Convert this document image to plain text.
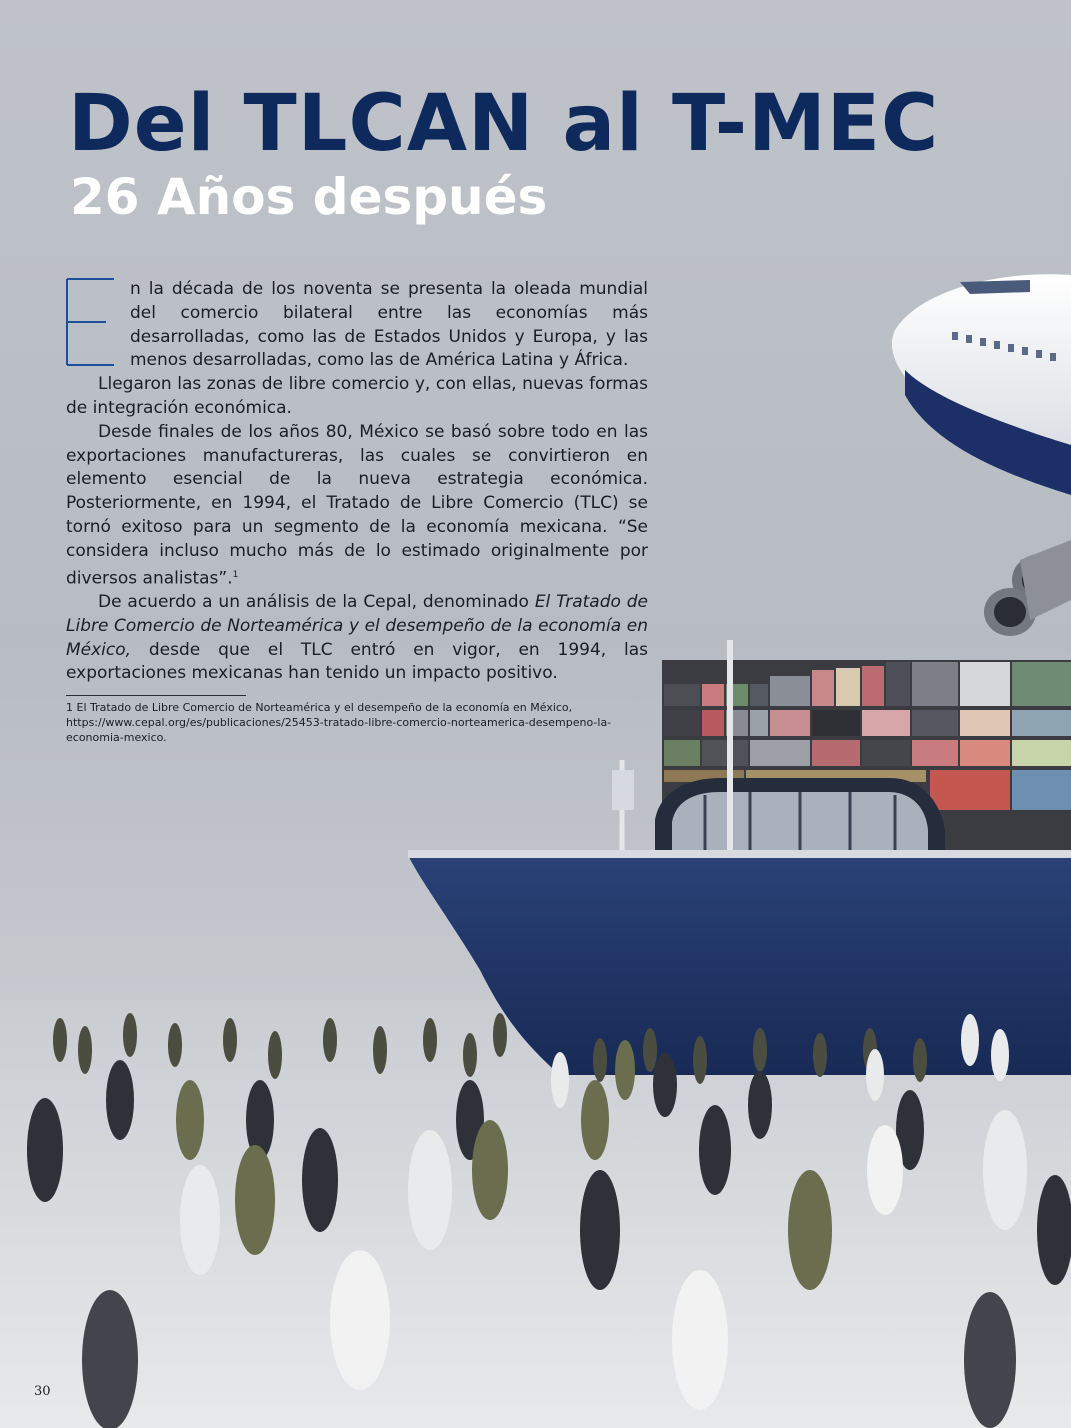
Del TLCAN al T-MEC
26 Años después

n la década de los noventa se presenta la oleada mundial del comercio bilateral entre las economías más desarrolladas, como las de Estados Unidos y Europa, y las menos desarrolladas, como las de América Latina y África.

Llegaron las zonas de libre comercio y, con ellas, nuevas formas de integración económica.

Desde finales de los años 80, México se basó sobre todo en las exportaciones manufactureras, las cuales se convirtieron en elemento esencial de la nueva estrategia económica. Posteriormente, en 1994, el Tratado de Libre Comercio (TLC) se tornó exitoso para un segmento de la economía mexicana. “Se considera incluso mucho más de lo estimado originalmente por diversos analistas”.$^1$

De acuerdo a un análisis de la Cepal, denominado El Tratado de Libre Comercio de Norteamérica y el desempeño de la economía en México, desde que el TLC entró en vigor, en 1994, las exportaciones mexicanas han tenido un impacto positivo.

1 El Tratado de Libre Comercio de Norteamérica y el desempeño de la economía en México, https://www.cepal.org/es/publicaciones/25453-tratado-libre-comercio-norteamerica-desempeno-la-economia-mexico.

30
